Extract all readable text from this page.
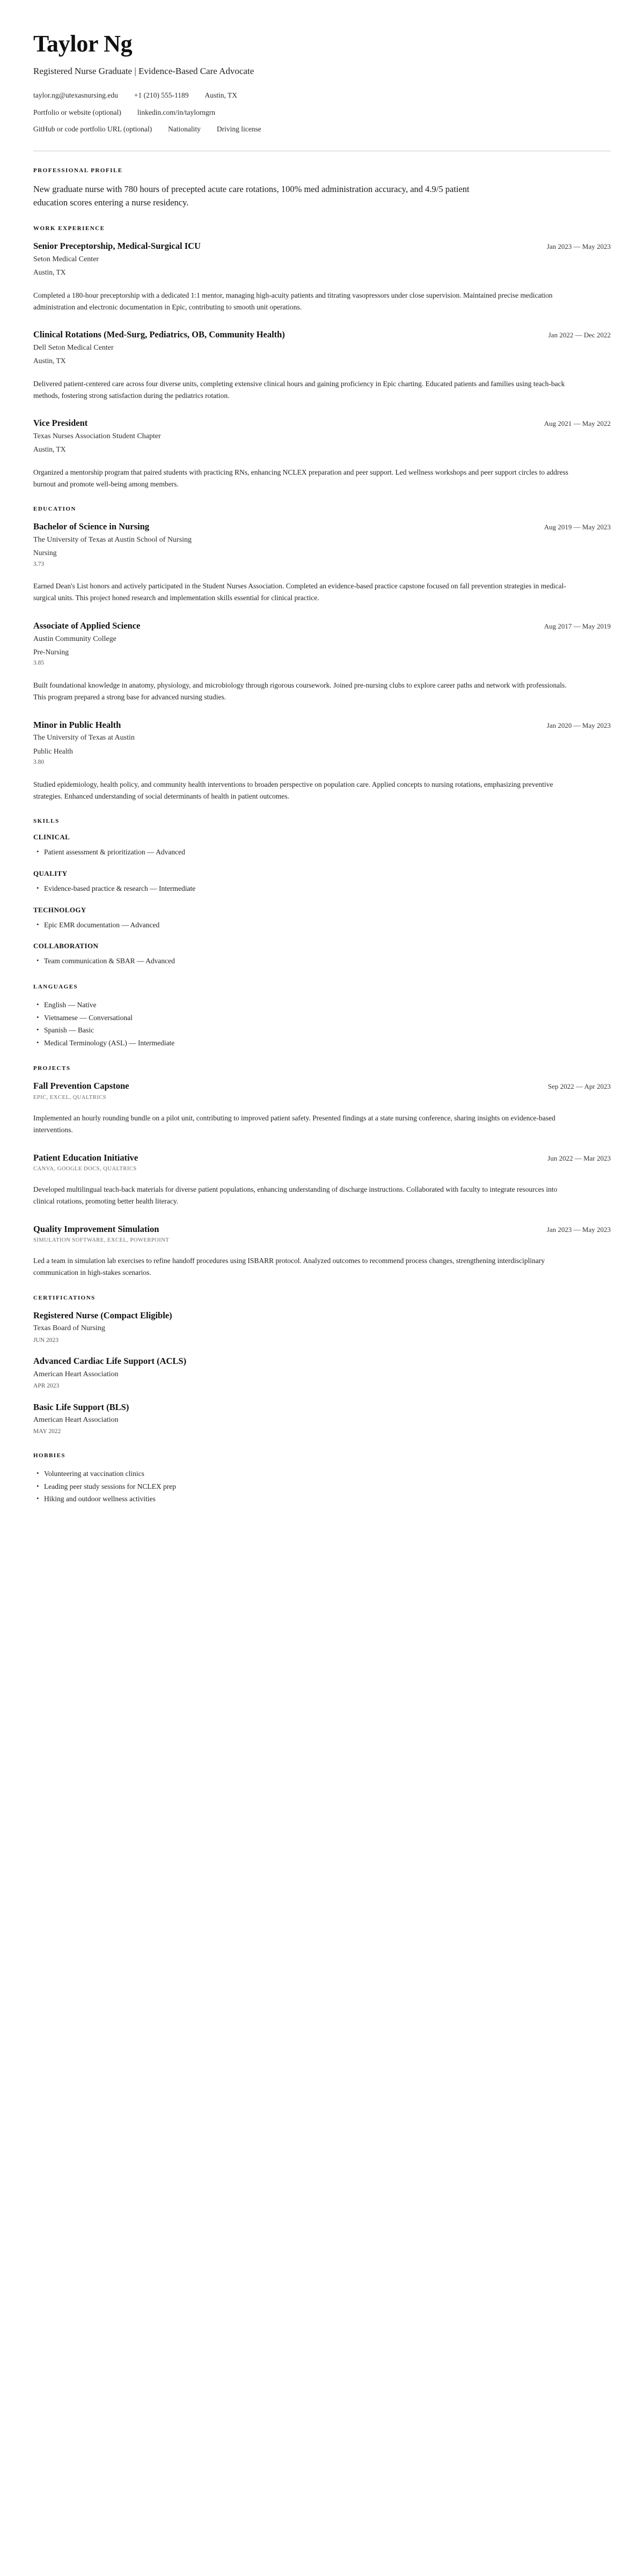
Taylor Ng
Registered Nurse Graduate | Evidence-Based Care Advocate
taylor.ng@utexasnursing.edu +1 (210) 555-1189 Austin, TX
Portfolio or website (optional) linkedin.com/in/taylorngrn
GitHub or code portfolio URL (optional) Nationality Driving license
PROFESSIONAL PROFILE

New graduate nurse with 780 hours of precepted acute care rotations, 100% med administration accuracy, and 4.9/5 patient education scores entering a nurse residency.

WORK EXPERIENCE
Senior Preceptorship, Medical-Surgical ICU	Jan 2023 — May 2023
Seton Medical Center
Austin, TX

Completed a 180-hour preceptorship with a dedicated 1:1 mentor, managing high-acuity patients and titrating vasopressors under close supervision. Maintained precise medication administration and electronic documentation in Epic, contributing to smooth unit operations.

Clinical Rotations (Med-Surg, Pediatrics, OB, Community Health)	Jan 2022 — Dec 2022
Dell Seton Medical Center
Austin, TX

Delivered patient-centered care across four diverse units, completing extensive clinical hours and gaining proficiency in Epic charting. Educated patients and families using teach-back methods, fostering strong satisfaction during the pediatrics rotation.

Vice President	Aug 2021 — May 2022
Texas Nurses Association Student Chapter
Austin, TX

Organized a mentorship program that paired students with practicing RNs, enhancing NCLEX preparation and peer support. Led wellness workshops and peer support circles to address burnout and promote well-being among members.

EDUCATION
Bachelor of Science in Nursing	Aug 2019 — May 2023
The University of Texas at Austin School of Nursing
Nursing
3.73

Earned Dean's List honors and actively participated in the Student Nurses Association. Completed an evidence-based practice capstone focused on fall prevention strategies in medical-surgical units. This project honed research and implementation skills essential for clinical practice.

Associate of Applied Science	Aug 2017 — May 2019
Austin Community College
Pre-Nursing
3.85

Built foundational knowledge in anatomy, physiology, and microbiology through rigorous coursework. Joined pre-nursing clubs to explore career paths and network with professionals. This program prepared a strong base for advanced nursing studies.

Minor in Public Health	Jan 2020 — May 2023
The University of Texas at Austin
Public Health
3.80

Studied epidemiology, health policy, and community health interventions to broaden perspective on population care. Applied concepts to nursing rotations, emphasizing preventive strategies. Enhanced understanding of social determinants of health in patient outcomes.

SKILLS
CLINICAL
• Patient assessment & prioritization — Advanced
QUALITY
• Evidence-based practice & research — Intermediate
TECHNOLOGY
• Epic EMR documentation — Advanced
COLLABORATION
• Team communication & SBAR — Advanced
LANGUAGES
• English — Native
• Vietnamese — Conversational
• Spanish — Basic
• Medical Terminology (ASL) — Intermediate
PROJECTS
Fall Prevention Capstone	Sep 2022 — Apr 2023
EPIC, EXCEL, QUALTRICS

Implemented an hourly rounding bundle on a pilot unit, contributing to improved patient safety. Presented findings at a state nursing conference, sharing insights on evidence-based interventions.

Patient Education Initiative	Jun 2022 — Mar 2023
CANVA, GOOGLE DOCS, QUALTRICS

Developed multilingual teach-back materials for diverse patient populations, enhancing understanding of discharge instructions. Collaborated with faculty to integrate resources into clinical rotations, promoting better health literacy.

Quality Improvement Simulation	Jan 2023 — May 2023
SIMULATION SOFTWARE, EXCEL, POWERPOINT

Led a team in simulation lab exercises to refine handoff procedures using ISBARR protocol. Analyzed outcomes to recommend process changes, strengthening interdisciplinary communication in high-stakes scenarios.

CERTIFICATIONS
Registered Nurse (Compact Eligible)
Texas Board of Nursing
JUN 2023
Advanced Cardiac Life Support (ACLS)
American Heart Association
APR 2023
Basic Life Support (BLS)
American Heart Association
MAY 2022
HOBBIES
• Volunteering at vaccination clinics
• Leading peer study sessions for NCLEX prep
• Hiking and outdoor wellness activities
